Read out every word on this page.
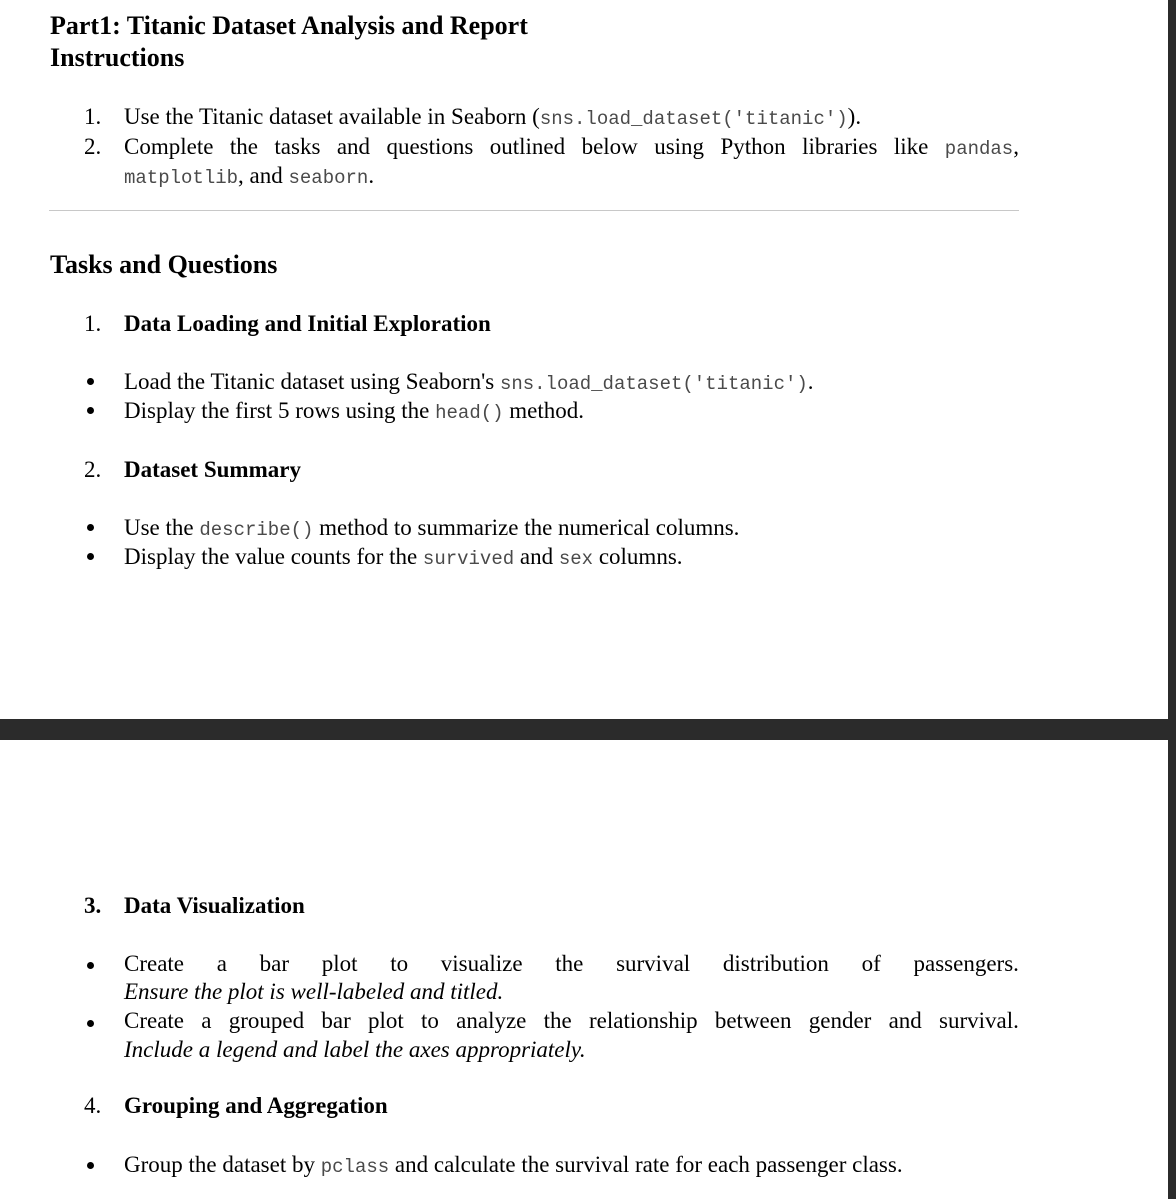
Part1: Titanic Dataset Analysis and Report
Instructions
1. Use the Titanic dataset available in Seaborn (sns.load_dataset('titanic')).
2. Complete the tasks and questions outlined below using Python libraries like pandas,
matplotlib, and seaborn.
Tasks and Questions
1. Data Loading and Initial Exploration
Load the Titanic dataset using Seaborn's sns.load_dataset('titanic').
Display the first 5 rows using the head() method.
2. Dataset Summary
Use the describe() method to summarize the numerical columns.
Display the value counts for the survived and sex columns.
3. Data Visualization
Create a bar plot to visualize the survival distribution of passengers.
Ensure the plot is well-labeled and titled.
Create a grouped bar plot to analyze the relationship between gender and survival.
Include a legend and label the axes appropriately.
4. Grouping and Aggregation
Group the dataset by pclass and calculate the survival rate for each passenger class.
